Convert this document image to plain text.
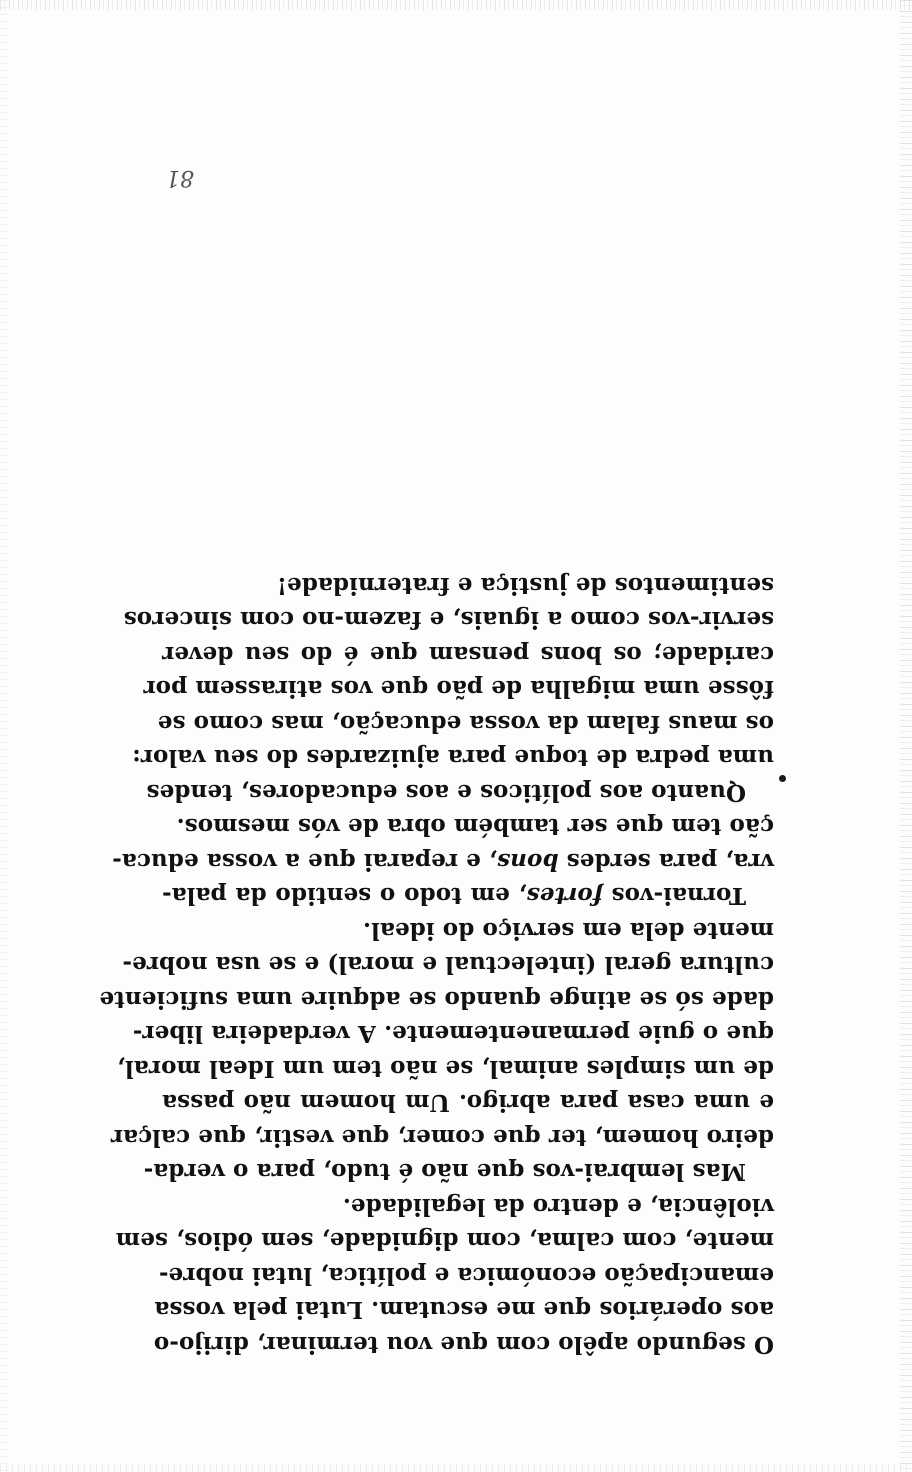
O segundo apêlo com que vou terminar, dirijo-o
aos operários que me escutam. Lutai pela vossa
emancipação económica e política, lutai nobre-
mente, com calma, com dignidade, sem ódios, sem
violência, e dentro da legalidade.
Mas lembrai-vos que não é tudo, para o verda-
deiro homem, ter que comer, que vestir, que calçar
e uma casa para abrigo. Um homem não passa
de um simples animal, se não tem um Ideal moral,
que o guie permanentemente. A verdadeira liber-
dade só se atinge quando se adquire uma suficiente
cultura geral (intelectual e moral) e se usa nobre-
mente dela em serviço do ideal.
Tornai-vos fortes, em todo o sentido da pala-
vra, para serdes bons, e reparai que a vossa educa-
ção tem que ser também obra de vós mesmos.
Quanto aos políticos e aos educadores, tendes
uma pedra de toque para ajuizardes do seu valor:
os maus falam da vossa educação, mas como se
fôsse uma migalha de pão que vos atirassem por
caridade; os bons pensam que é do seu dever
servir-vos como a iguais, e fazem-no com sinceros
sentimentos de justiça e fraternidade!
81
